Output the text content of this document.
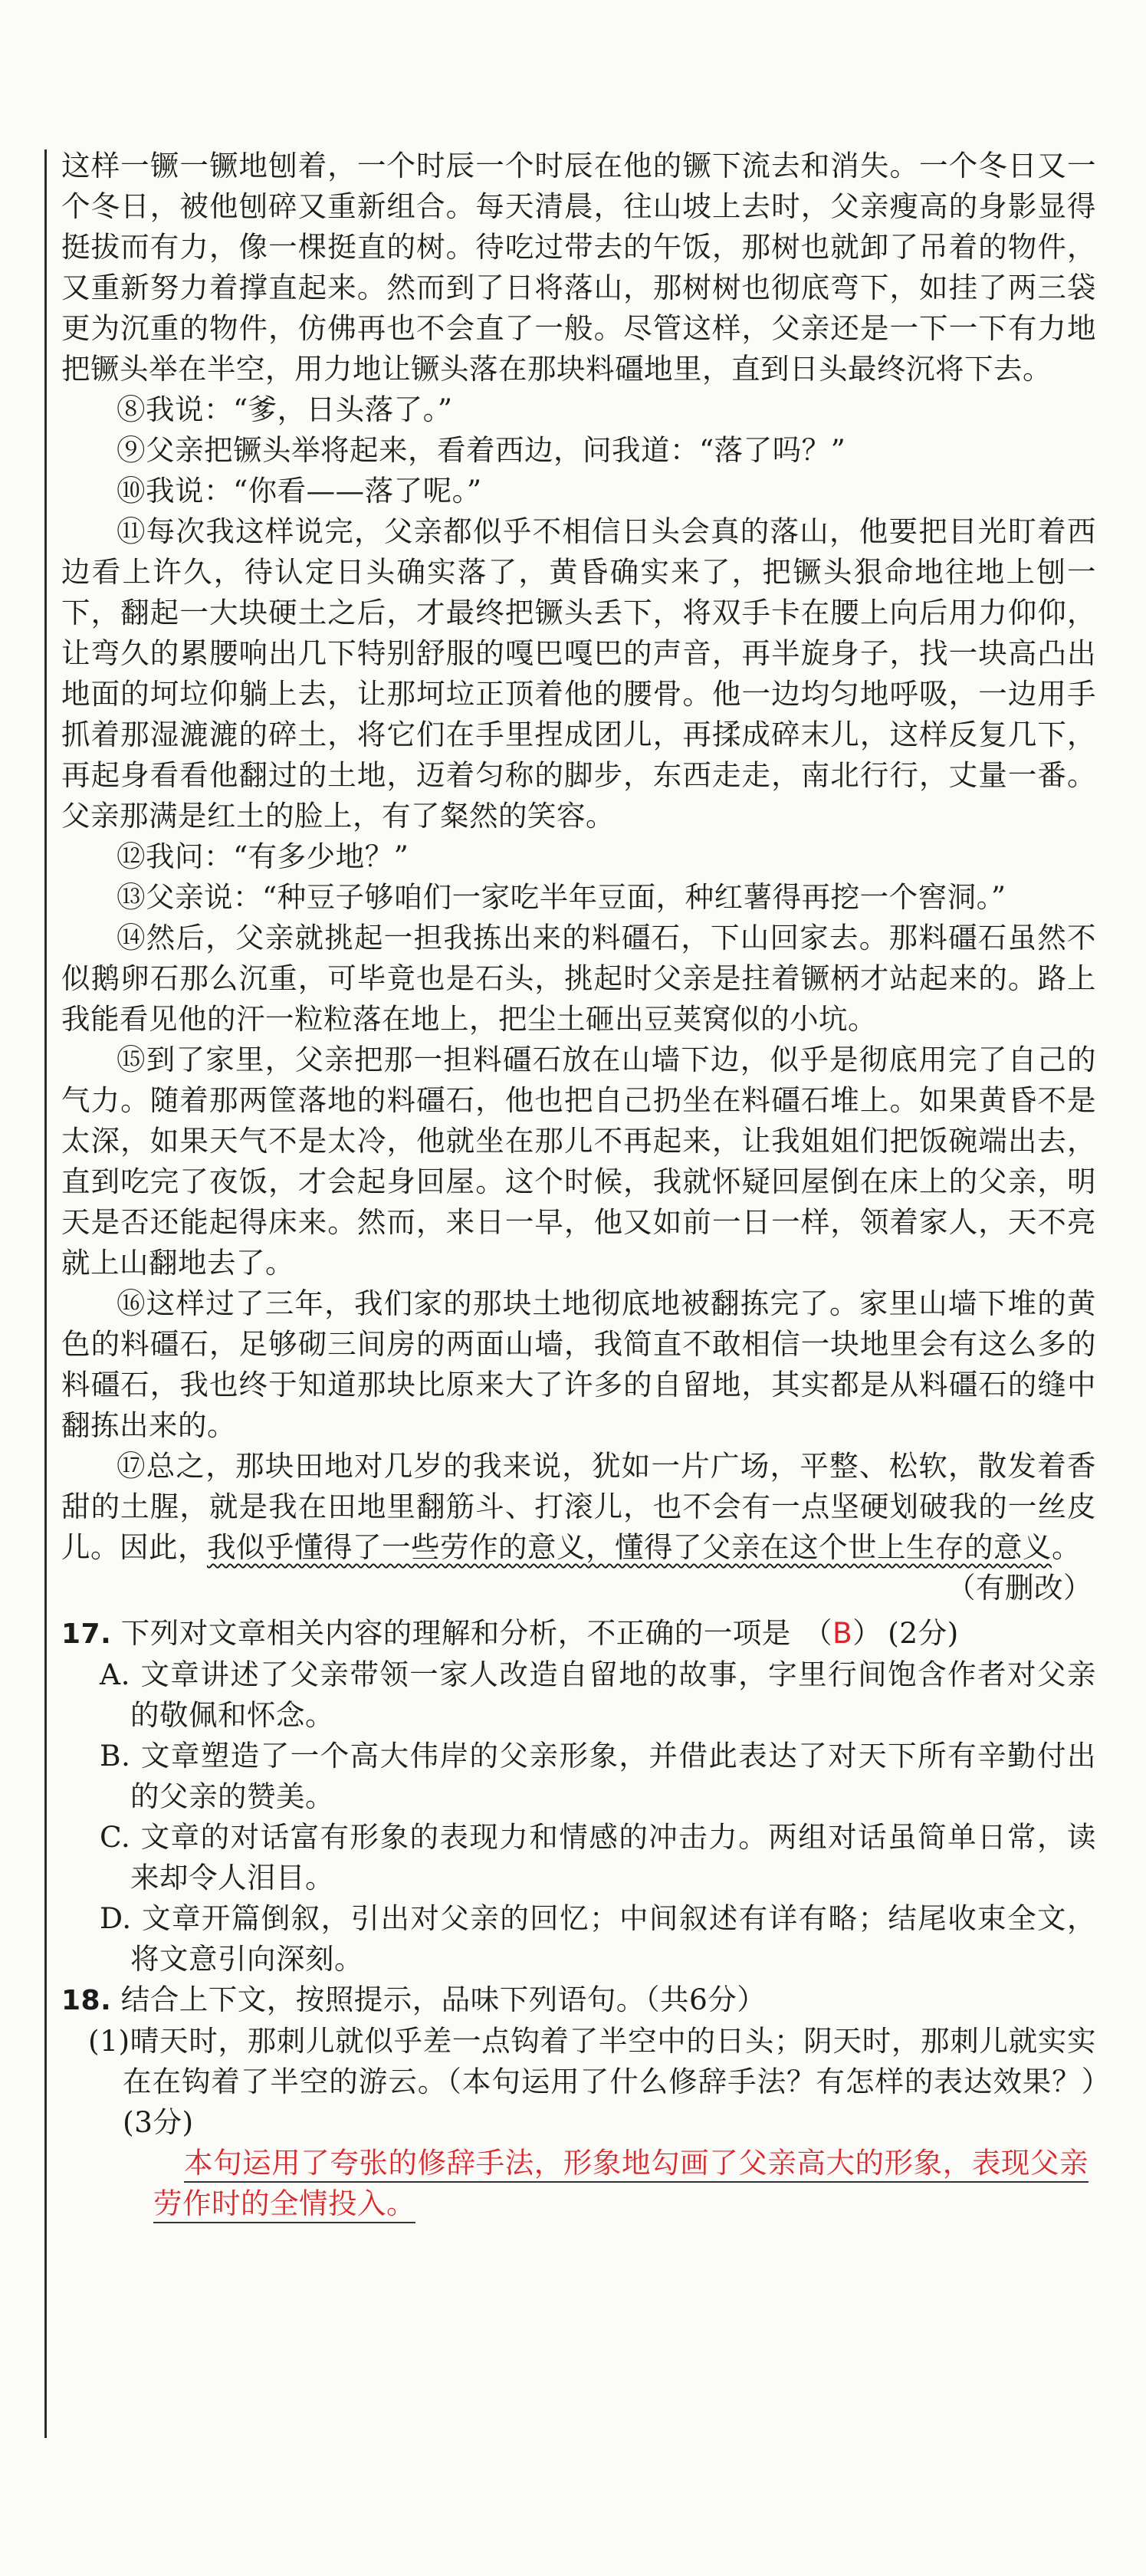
这样一镢一镢地刨着，一个时辰一个时辰在他的镢下流去和消失。一个冬日又一个冬日，被他刨碎又重新组合。每天清晨，往山坡上去时，父亲瘦高的身影显得挺拔而有力，像一棵挺直的树。待吃过带去的午饭，那树也就卸了吊着的物件，又重新努力着撑直起来。然而到了日将落山，那树树也彻底弯下，如挂了两三袋更为沉重的物件，仿佛再也不会直了一般。尽管这样，父亲还是一下一下有力地把镢头举在半空，用力地让镢头落在那块料礓地里，直到日头最终沉将下去。

⑧我说：“爹，日头落了。”

⑨父亲把镢头举将起来，看着西边，问我道：“落了吗？”

⑩我说：“你看——落了呢。”

⑪每次我这样说完，父亲都似乎不相信日头会真的落山，他要把目光盯着西边看上许久，待认定日头确实落了，黄昏确实来了，把镢头狠命地往地上刨一下，翻起一大块硬土之后，才最终把镢头丢下，将双手卡在腰上向后用力仰仰，让弯久的累腰响出几下特别舒服的嘎巴嘎巴的声音，再半旋身子，找一块高凸出地面的坷垃仰躺上去，让那坷垃正顶着他的腰骨。他一边均匀地呼吸，一边用手抓着那湿漉漉的碎土，将它们在手里捏成团儿，再揉成碎末儿，这样反复几下，再起身看看他翻过的土地，迈着匀称的脚步，东西走走，南北行行，丈量一番。父亲那满是红土的脸上，有了粲然的笑容。

⑫我问：“有多少地？”

⑬父亲说：“种豆子够咱们一家吃半年豆面，种红薯得再挖一个窖洞。”

⑭然后，父亲就挑起一担我拣出来的料礓石，下山回家去。那料礓石虽然不似鹅卵石那么沉重，可毕竟也是石头，挑起时父亲是拄着镢柄才站起来的。路上我能看见他的汗一粒粒落在地上，把尘土砸出豆荚窝似的小坑。

⑮到了家里，父亲把那一担料礓石放在山墙下边，似乎是彻底用完了自己的气力。随着那两筐落地的料礓石，他也把自己扔坐在料礓石堆上。如果黄昏不是太深，如果天气不是太冷，他就坐在那儿不再起来，让我姐姐们把饭碗端出去，直到吃完了夜饭，才会起身回屋。这个时候，我就怀疑回屋倒在床上的父亲，明天是否还能起得床来。然而，来日一早，他又如前一日一样，领着家人，天不亮就上山翻地去了。

⑯这样过了三年，我们家的那块土地彻底地被翻拣完了。家里山墙下堆的黄色的料礓石，足够砌三间房的两面山墙，我简直不敢相信一块地里会有这么多的料礓石，我也终于知道那块比原来大了许多的自留地，其实都是从料礓石的缝中翻拣出来的。

⑰总之，那块田地对几岁的我来说，犹如一片广场，平整、松软，散发着香甜的土腥，就是我在田地里翻筋斗、打滚儿，也不会有一点坚硬划破我的一丝皮儿。因此，我似乎懂得了一些劳作的意义，懂得了父亲在这个世上生存的意义。

（有删改）

17. 下列对文章相关内容的理解和分析，不正确的一项是 （B） (2分)

A. 文章讲述了父亲带领一家人改造自留地的故事，字里行间饱含作者对父亲的敬佩和怀念。

B. 文章塑造了一个高大伟岸的父亲形象，并借此表达了对天下所有辛勤付出的父亲的赞美。

C. 文章的对话富有形象的表现力和情感的冲击力。两组对话虽简单日常，读来却令人泪目。

D. 文章开篇倒叙，引出对父亲的回忆；中间叙述有详有略；结尾收束全文，将文意引向深刻。

18. 结合上下文，按照提示，品味下列语句。（共6分）

(1)晴天时，那刺儿就似乎差一点钩着了半空中的日头；阴天时，那刺儿就实实在在钩着了半空的游云。（本句运用了什么修辞手法？有怎样的表达效果？）(3分)

本句运用了夸张的修辞手法，形象地勾画了父亲高大的形象，表现父亲劳作时的全情投入。
